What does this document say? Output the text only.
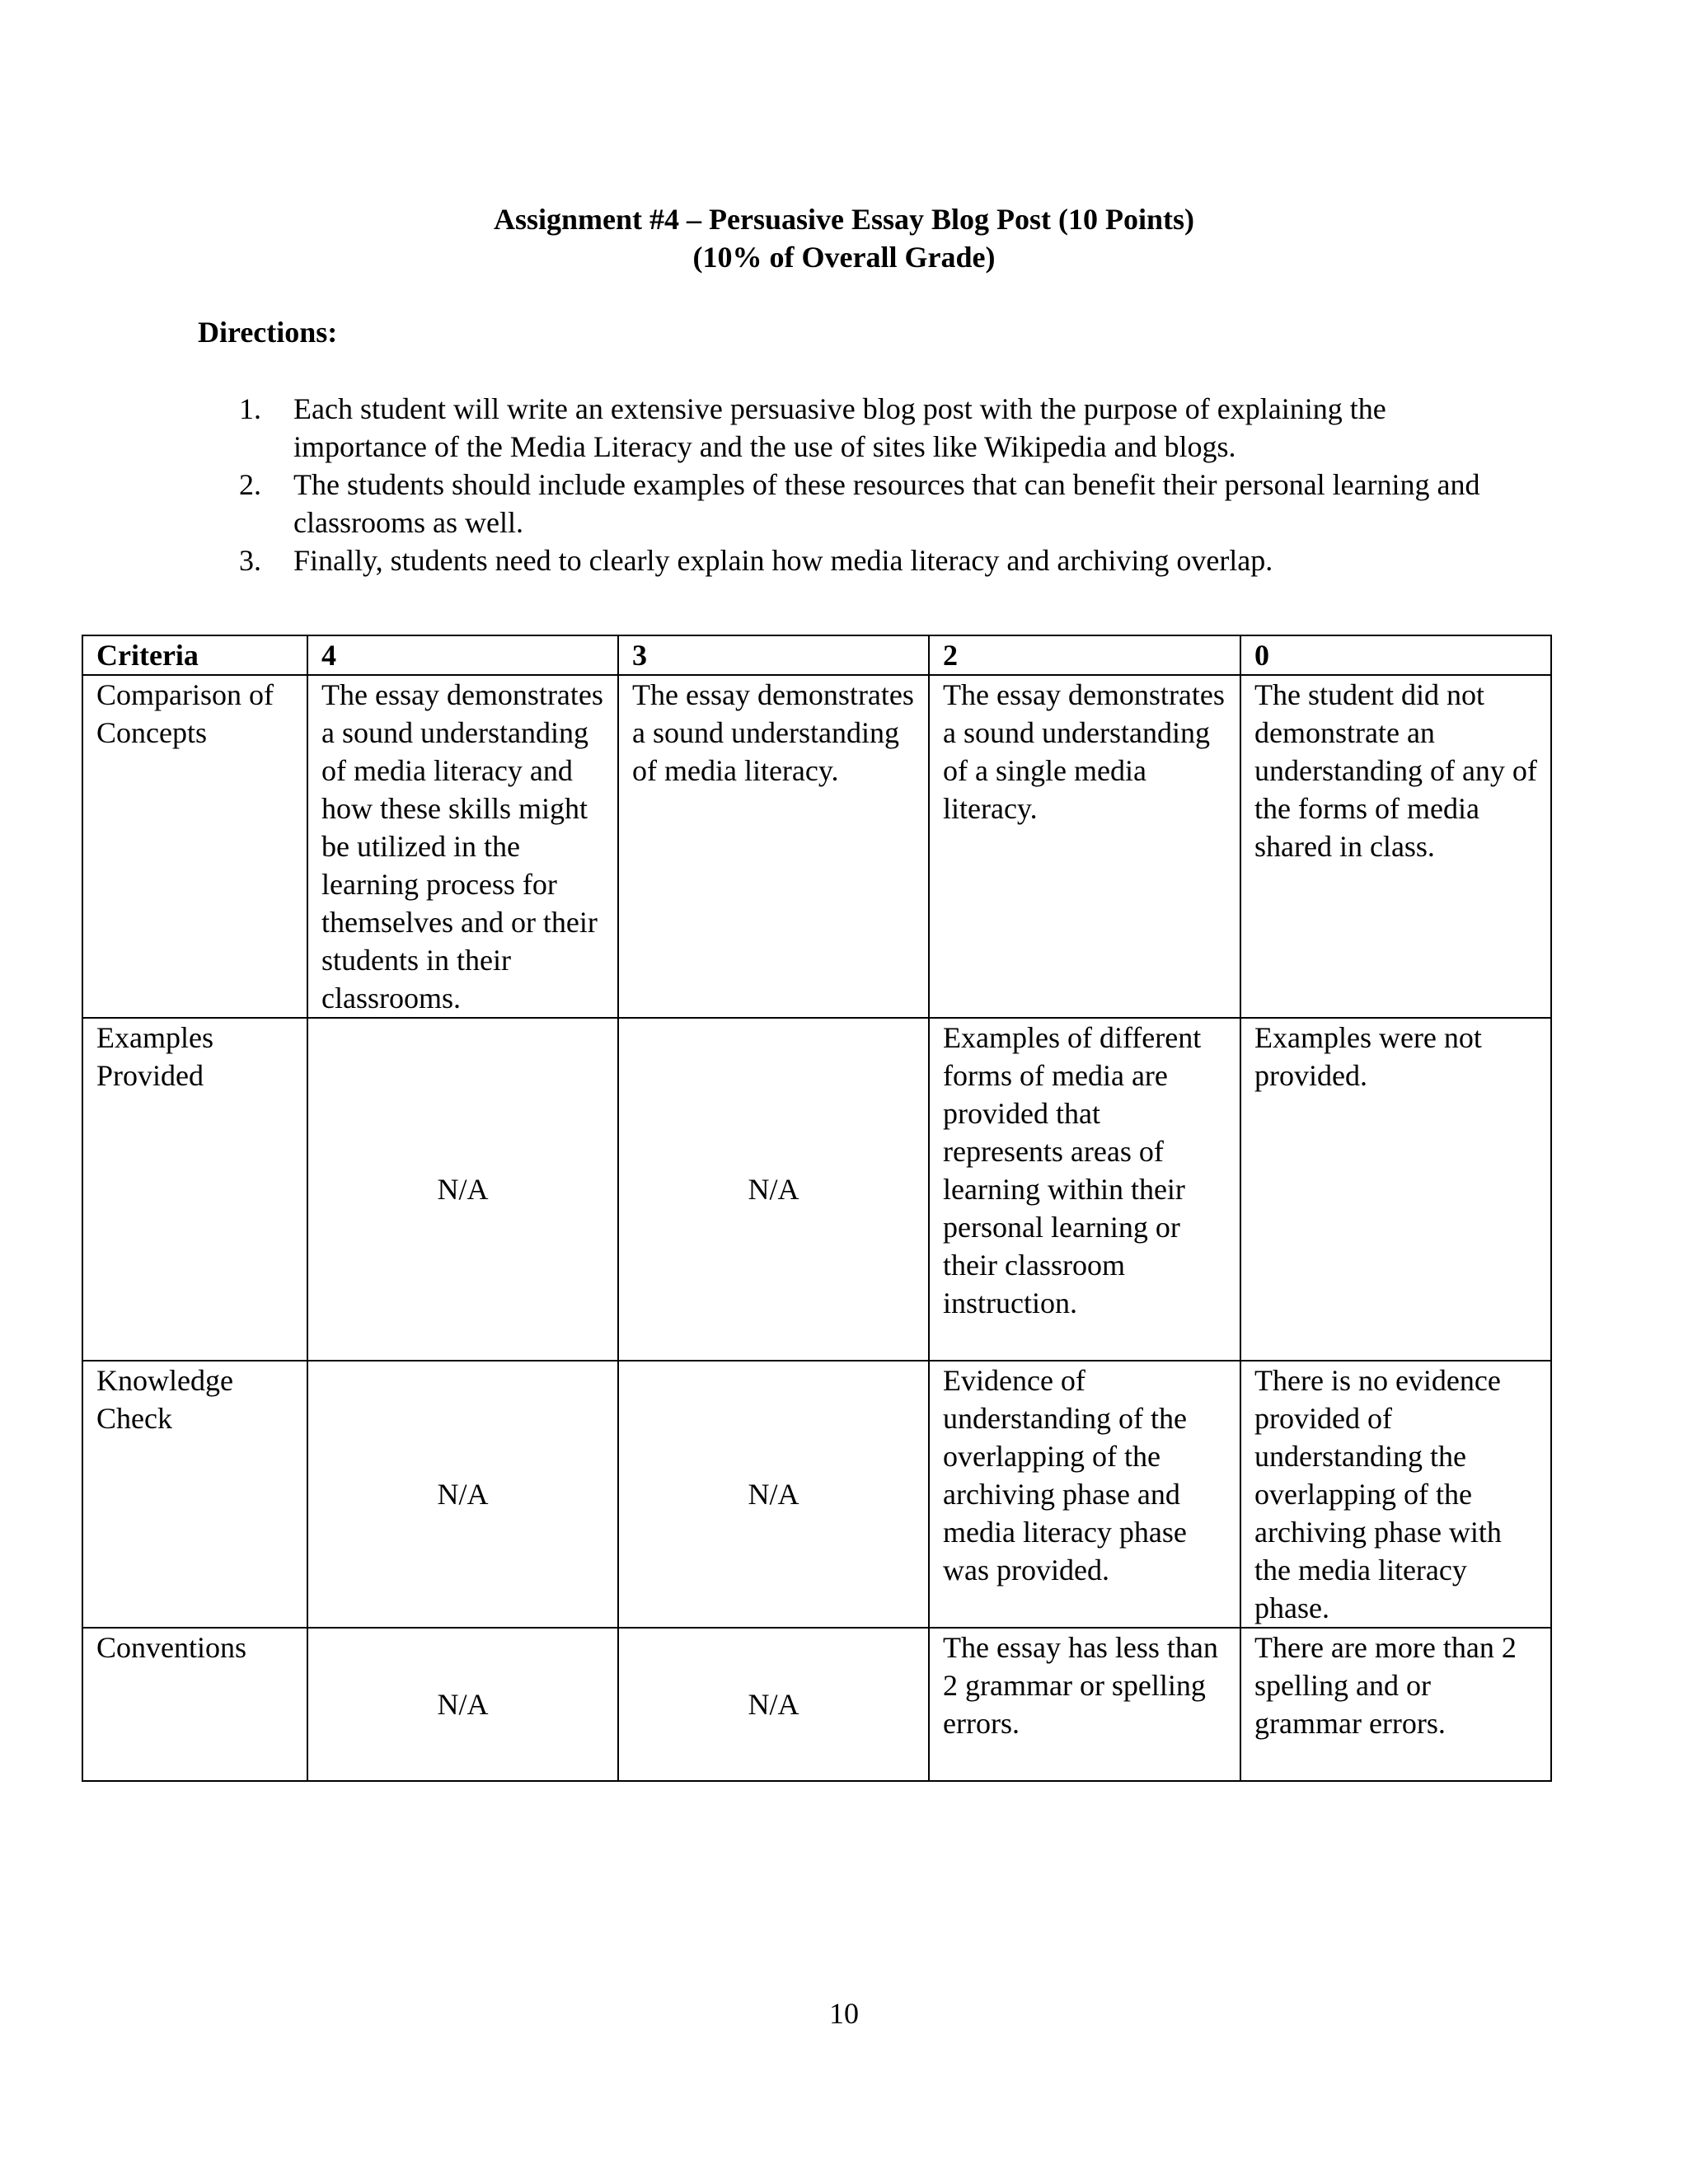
Assignment #4 – Persuasive Essay Blog Post (10 Points)
(10% of Overall Grade)
Directions:
1.	Each student will write an extensive persuasive blog post with the purpose of explaining the importance of the Media Literacy and the use of sites like Wikipedia and blogs.
2.	The students should include examples of these resources that can benefit their personal learning and classrooms as well.
3.	Finally, students need to clearly explain how media literacy and archiving overlap.
Criteria	4	3	2	0
Comparison of Concepts	The essay demonstrates a sound understanding of media literacy and how these skills might be utilized in the learning process for themselves and or their students in their classrooms.	The essay demonstrates a sound understanding of media literacy.	The essay demonstrates a sound understanding of a single media literacy.	The student did not demonstrate an understanding of any of the forms of media shared in class.
Examples Provided	N/A	N/A	Examples of different forms of media are provided that represents areas of learning within their personal learning or their classroom instruction.	Examples were not provided.
Knowledge Check	N/A	N/A	Evidence of understanding of the overlapping of the archiving phase and media literacy phase was provided.	There is no evidence provided of understanding the overlapping of the archiving phase with the media literacy phase.
Conventions	N/A	N/A	The essay has less than 2 grammar or spelling errors.	There are more than 2 spelling and or grammar errors.
10
